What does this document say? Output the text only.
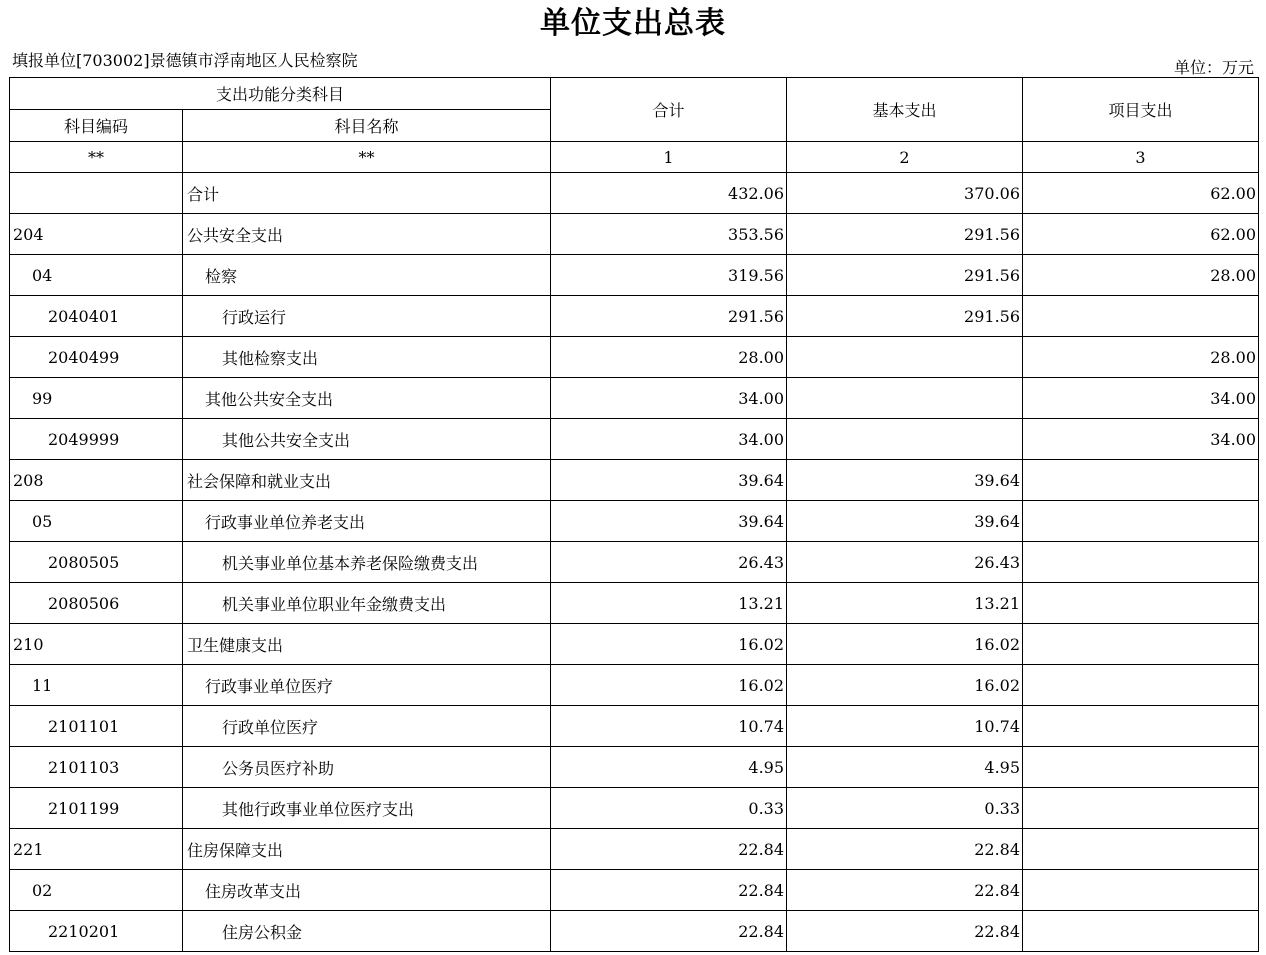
单位支出总表
填报单位[703002]景德镇市浮南地区人民检察院	单位：万元
支出功能分类科目		合计	基本支出	项目支出
科目编码	科目名称			
**	**	1	2	3
	合计	432.06	370.06	62.00
204	公共安全支出	353.56	291.56	62.00
04	检察	319.56	291.56	28.00
2040401	行政运行	291.56	291.56	
2040499	其他检察支出	28.00		28.00
99	其他公共安全支出	34.00		34.00
2049999	其他公共安全支出	34.00		34.00
208	社会保障和就业支出	39.64	39.64	
05	行政事业单位养老支出	39.64	39.64	
2080505	机关事业单位基本养老保险缴费支出	26.43	26.43	
2080506	机关事业单位职业年金缴费支出	13.21	13.21	
210	卫生健康支出	16.02	16.02	
11	行政事业单位医疗	16.02	16.02	
2101101	行政单位医疗	10.74	10.74	
2101103	公务员医疗补助	4.95	4.95	
2101199	其他行政事业单位医疗支出	0.33	0.33	
221	住房保障支出	22.84	22.84	
02	住房改革支出	22.84	22.84	
2210201	住房公积金	22.84	22.84	
